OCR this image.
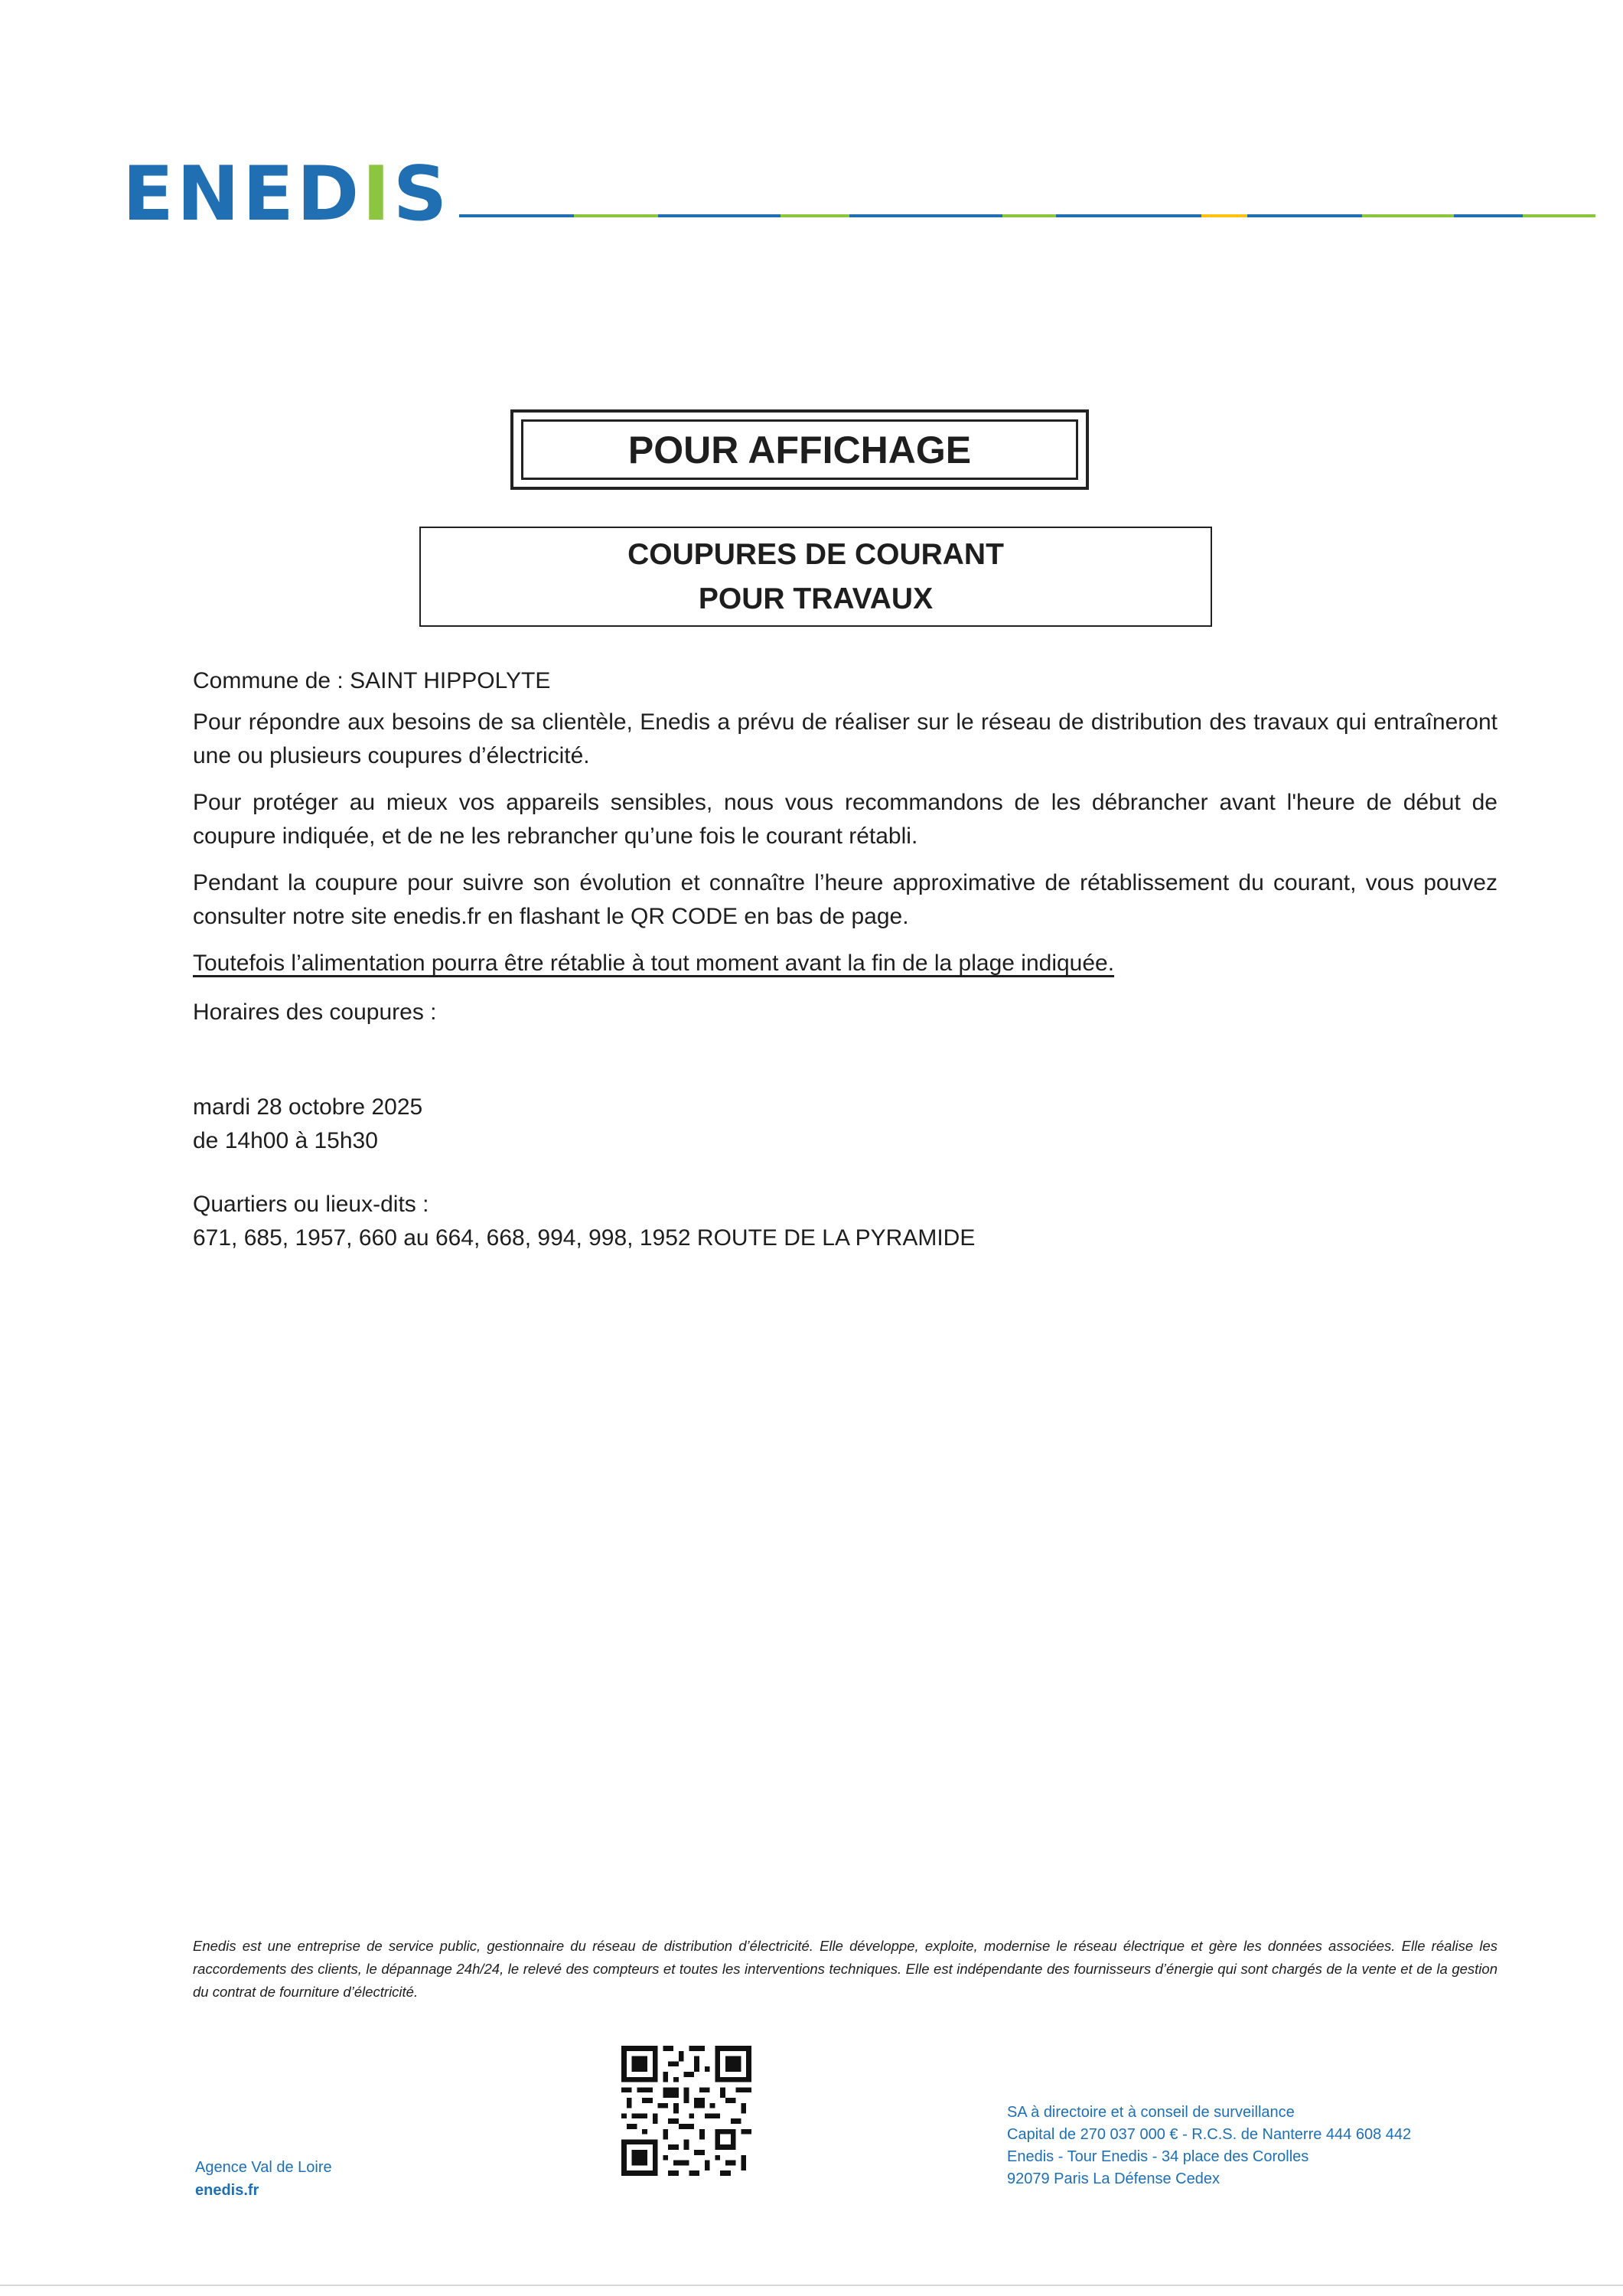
ENEDIS
POUR AFFICHAGE
COUPURES DE COURANT
POUR TRAVAUX
Commune de : SAINT HIPPOLYTE
Pour répondre aux besoins de sa clientèle, Enedis a prévu de réaliser sur le réseau de distribution des travaux qui entraîneront une ou plusieurs coupures d’électricité.
Pour protéger au mieux vos appareils sensibles, nous vous recommandons de les débrancher avant l'heure de début de coupure indiquée, et de ne les rebrancher qu’une fois le courant rétabli.
Pendant la coupure pour suivre son évolution et connaître l’heure approximative de rétablissement du courant, vous pouvez consulter notre site enedis.fr en flashant le QR CODE en bas de page.
Toutefois l’alimentation pourra être rétablie à tout moment avant la fin de la plage indiquée.
Horaires des coupures :
mardi 28 octobre 2025
de 14h00 à 15h30
Quartiers ou lieux-dits :
671, 685, 1957, 660 au 664, 668, 994, 998, 1952 ROUTE DE LA PYRAMIDE
Enedis est une entreprise de service public, gestionnaire du réseau de distribution d’électricité. Elle développe, exploite, modernise le réseau électrique et gère les données associées. Elle réalise les raccordements des clients, le dépannage 24h/24, le relevé des compteurs et toutes les interventions techniques. Elle est indépendante des fournisseurs d’énergie qui sont chargés de la vente et de la gestion du contrat de fourniture d’électricité.
Agence Val de Loire
enedis.fr
SA à directoire et à conseil de surveillance
Capital de 270 037 000 € - R.C.S. de Nanterre 444 608 442
Enedis - Tour Enedis - 34 place des Corolles
92079 Paris La Défense Cedex
